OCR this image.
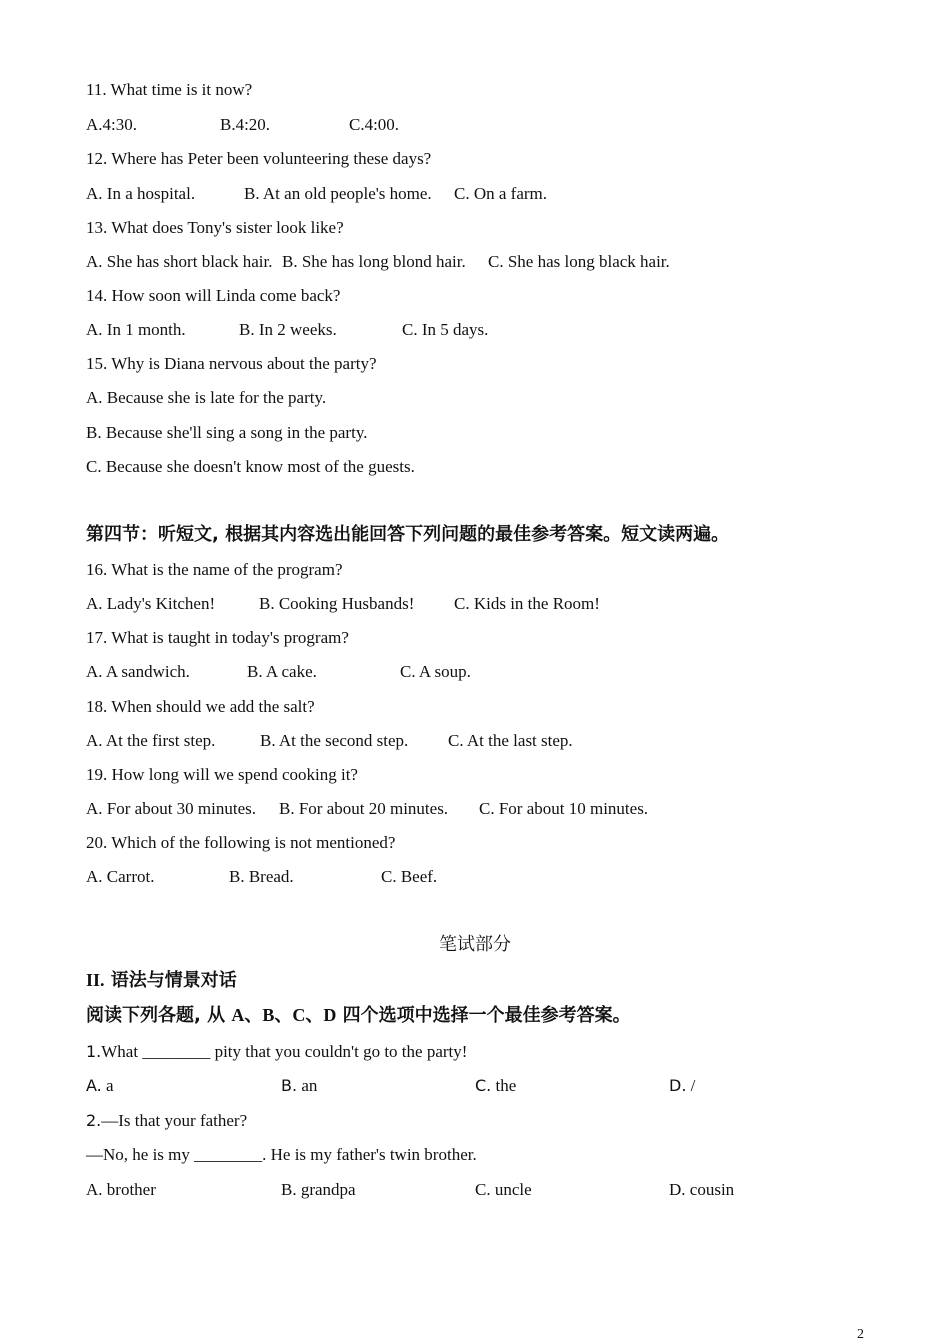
11. What time is it now?
A.4:30.	B.4:20.	C.4:00.
12. Where has Peter been volunteering these days?
A. In a hospital.	B. At an old people's home. C. On a farm.
13. What does Tony's sister look like?
A. She has short black hair. B. She has long blond hair. C. She has long black hair.
14. How soon will Linda come back?
A. In 1 month.	B. In 2 weeks.	C. In 5 days.
15. Why is Diana nervous about the party?
A. Because she is late for the party.
B. Because she'll sing a song in the party.
C. Because she doesn't know most of the guests.
第四节：听短文, 根据其内容选出能回答下列问题的最佳参考答案。短文读两遍。
16. What is the name of the program?
A. Lady's Kitchen!	B. Cooking Husbands! C. Kids in the Room!
17. What is taught in today's program?
A. A sandwich.	B. A cake.	C. A soup.
18. When should we add the salt?
A. At the first step.	B. At the second step. C. At the last step.
19. How long will we spend cooking it?
A. For about 30 minutes. B. For about 20 minutes. C. For about 10 minutes.
20. Which of the following is not mentioned?
A. Carrot.	B. Bread.	C. Beef.
笔试部分
II. 语法与情景对话
阅读下列各题, 从 A、B、C、D 四个选项中选择一个最佳参考答案。
1.What ________ pity that you couldn't go to the party!
A. a	B. an	C. the	D. /
2.—Is that your father?
—No, he is my ________. He is my father's twin brother.
A. brother	B. grandpa	C. uncle	D. cousin
2
